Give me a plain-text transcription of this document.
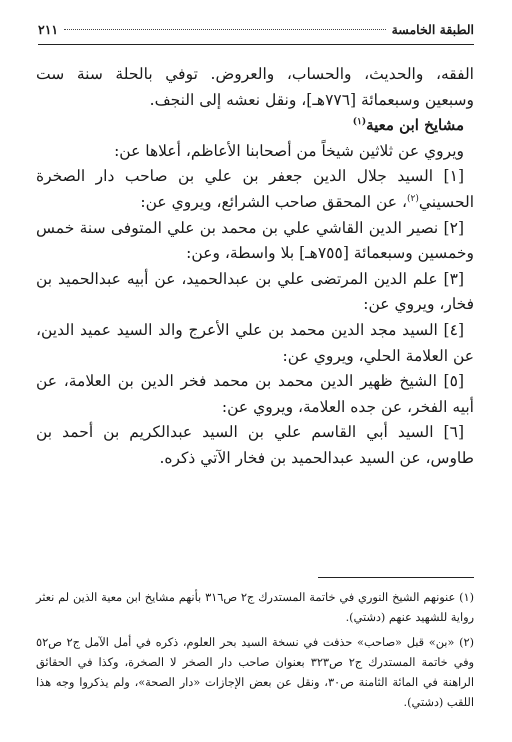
الطبقة الخامسة
٢١١

الفقه، والحديث، والحساب، والعروض. توفي بالحلة سنة ست وسبعين وسبعمائة [٧٧٦هـ]، ونقل نعشه إلى النجف.

مشايخ ابن معية$^{(١)}$

ويروي عن ثلاثين شيخاً من أصحابنا الأعاظم، أعلاها عن:

[١] السيد جلال الدين جعفر بن علي بن صاحب دار الصخرة الحسيني$^{(٢)}$، عن المحقق صاحب الشرائع، ويروي عن:

[٢] نصير الدين القاشي علي بن محمد بن علي المتوفى سنة خمس وخمسين وسبعمائة [٧٥٥هـ] بلا واسطة، وعن:

[٣] علم الدين المرتضى علي بن عبدالحميد، عن أبيه عبدالحميد بن فخار، ويروي عن:

[٤] السيد مجد الدين محمد بن علي الأعرج والد السيد عميد الدين، عن العلامة الحلي، ويروي عن:

[٥] الشيخ ظهير الدين محمد بن محمد فخر الدين بن العلامة، عن أبيه الفخر، عن جده العلامة، ويروي عن:

[٦] السيد أبي القاسم علي بن السيد عبدالكريم بن أحمد بن طاوس، عن السيد عبدالحميد بن فخار الآتي ذكره.

(١) عنونهم الشيخ النوري في خاتمة المستدرك ج٢ ص٣١٦ بأنهم مشايخ ابن معية الذين لم نعثر رواية للشهيد عنهم (دشتي).

(٢) «بن» قبل «صاحب» حذفت في نسخة السيد بحر العلوم، ذكره في أمل الآمل ج٢ ص٥٢ وفي خاتمة المستدرك ج٢ ص٣٢٣ بعنوان صاحب دار الصخر لا الصخرة، وكذا في الحقائق الراهنة في المائة الثامنة ص٣٠، ونقل عن بعض الإجازات «دار الصحة»، ولم يذكروا وجه هذا اللقب (دشتي).
